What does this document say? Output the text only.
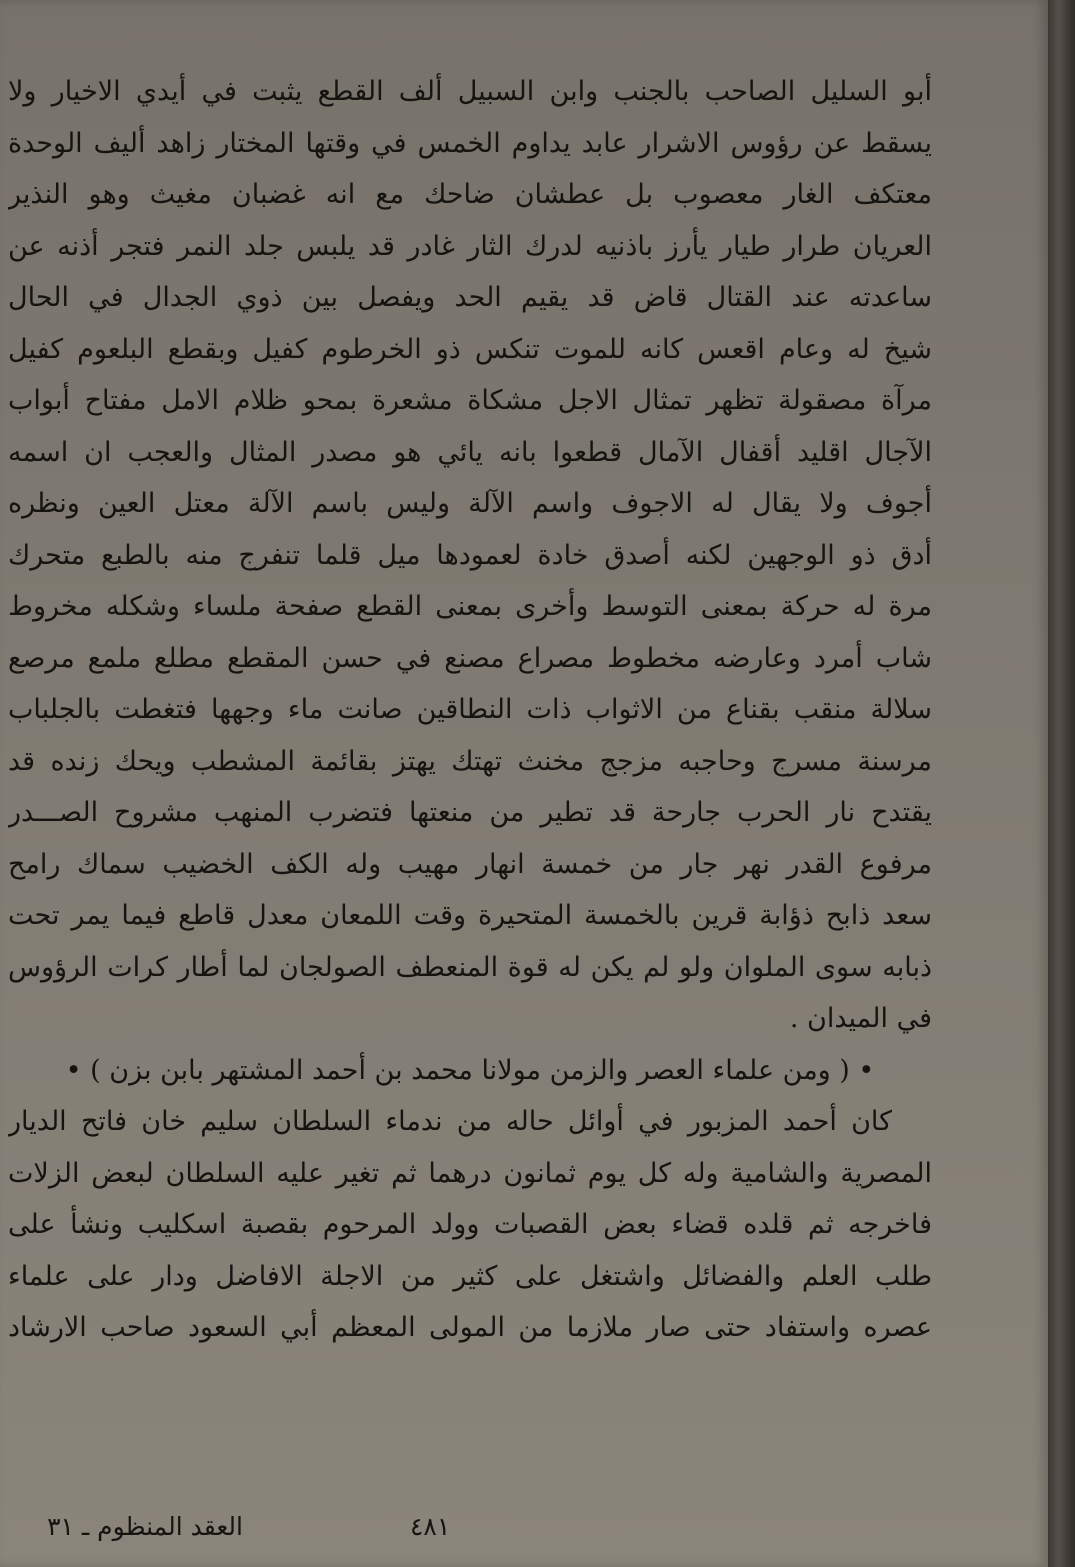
أبو السليل الصاحب بالجنب وابن السبيل ألف القطع يثبت في أيدي الاخيار ولا
يسقط عن رؤوس الاشرار عابد يداوم الخمس في وقتها المختار زاهد أليف الوحدة
معتكف الغار معصوب بل عطشان ضاحك مع انه غضبان مغيث وهو النذير
العريان طرار طيار يأرز باذنيه لدرك الثار غادر قد يلبس جلد النمر فتجر أذنه عن
ساعدته عند القتال قاض قد يقيم الحد ويفصل بين ذوي الجدال في الحال
شيخ له وعام اقعس كانه للموت تنكس ذو الخرطوم كفيل وبقطع البلعوم كفيل
مرآة مصقولة تظهر تمثال الاجل مشكاة مشعرة بمحو ظلام الامل مفتاح أبواب
الآجال اقليد أقفال الآمال قطعوا بانه يائي هو مصدر المثال والعجب ان اسمه
أجوف ولا يقال له الاجوف واسم الآلة وليس باسم الآلة معتل العين ونظره
أدق ذو الوجهين لكنه أصدق خادة لعمودها ميل قلما تنفرج منه بالطبع متحرك
مرة له حركة بمعنى التوسط وأخرى بمعنى القطع صفحة ملساء وشكله مخروط
شاب أمرد وعارضه مخطوط مصراع مصنع في حسن المقطع مطلع ملمع مرصع
سلالة منقب بقناع من الاثواب ذات النطاقين صانت ماء وجهها فتغطت بالجلباب
مرسنة مسرج وحاجبه مزجج مخنث تهتك يهتز بقائمة المشطب ويحك زنده قد
يقتدح نار الحرب جارحة قد تطير من منعتها فتضرب المنهب مشروح الصـــدر
مرفوع القدر نهر جار من خمسة انهار مهيب وله الكف الخضيب سماك رامح
سعد ذابح ذؤابة قرين بالخمسة المتحيرة وقت اللمعان معدل قاطع فيما يمر تحت
ذبابه سوى الملوان ولو لم يكن له قوة المنعطف الصولجان لما أطار كرات الرؤوس
في الميدان .
• ( ومن علماء العصر والزمن مولانا محمد بن أحمد المشتهر بابن بزن ) •
كان أحمد المزبور في أوائل حاله من ندماء السلطان سليم خان فاتح الديار
المصرية والشامية وله كل يوم ثمانون درهما ثم تغير عليه السلطان لبعض الزلات
فاخرجه ثم قلده قضاء بعض القصبات وولد المرحوم بقصبة اسكليب ونشأ على
طلب العلم والفضائل واشتغل على كثير من الاجلة الافاضل ودار على علماء
عصره واستفاد حتى صار ملازما من المولى المعظم أبي السعود صاحب الارشاد
العقد المنظوم ـ ٣١	٤٨١
